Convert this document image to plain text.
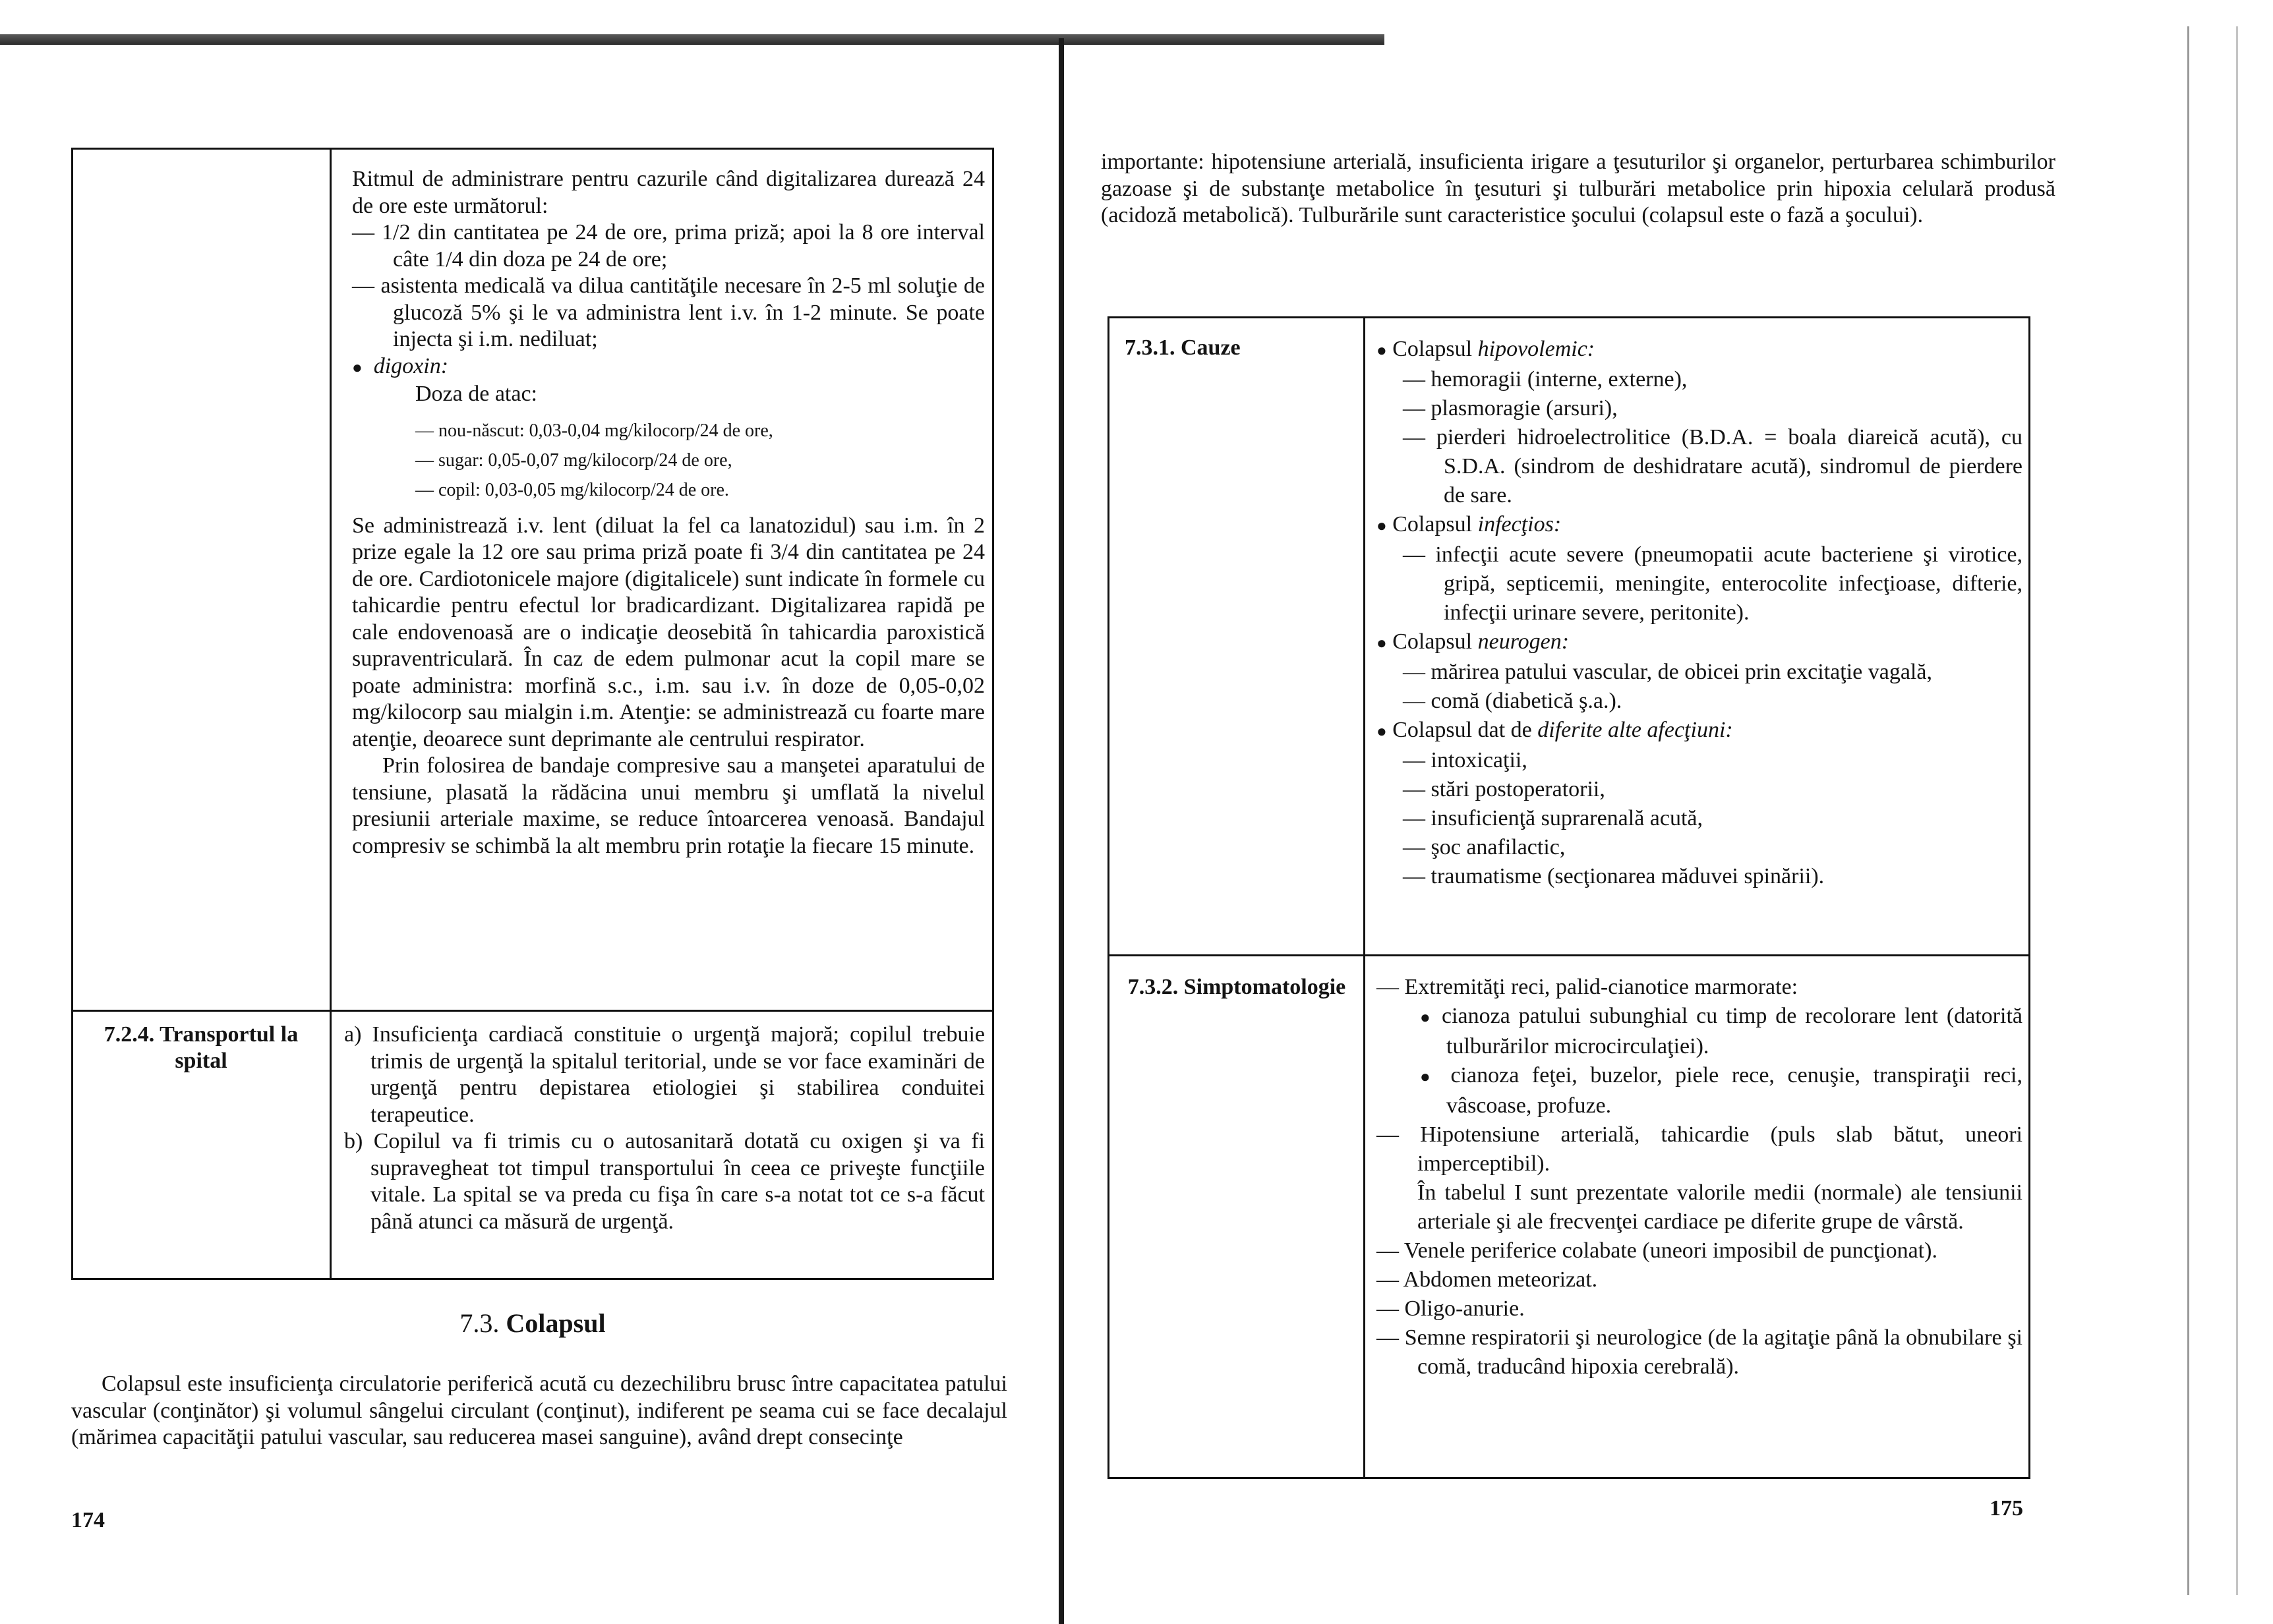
Ritmul de administrare pentru cazurile când digitalizarea durează 24 de ore este următorul:

— 1/2 din cantitatea pe 24 de ore, prima priză; apoi la 8 ore interval câte 1/4 din doza pe 24 de ore;

— asistenta medicală va dilua cantităţile necesare în 2-5 ml soluţie de glucoză 5% şi le va administra lent i.v. în 1-2 minute. Se poate injecta şi i.m. nediluat;

● digoxin:

Doza de atac:

— nou-născut: 0,03-0,04 mg/kilocorp/24 de ore,

— sugar: 0,05-0,07 mg/kilocorp/24 de ore,

— copil: 0,03-0,05 mg/kilocorp/24 de ore.

Se administrează i.v. lent (diluat la fel ca lanatozidul) sau i.m. în 2 prize egale la 12 ore sau prima priză poate fi 3/4 din cantitatea pe 24 de ore. Cardiotonicele majore (digitalicele) sunt indicate în formele cu tahicardie pentru efectul lor bradicardizant. Digitalizarea rapidă pe cale endovenoasă are o indicaţie deosebită în tahicardia paroxistică supraventriculară. În caz de edem pulmonar acut la copil mare se poate administra: morfină s.c., i.m. sau i.v. în doze de 0,05-0,02 mg/kilocorp sau mialgin i.m. Atenţie: se administrează cu foarte mare atenţie, deoarece sunt deprimante ale centrului respirator.

Prin folosirea de bandaje compresive sau a manşetei aparatului de tensiune, plasată la rădăcina unui membru şi umflată la nivelul presiunii arteriale maxime, se reduce întoarcerea venoasă. Bandajul compresiv se schimbă la alt membru prin rotaţie la fiecare 15 minute.

7.2.4. Transportul la spital

a) Insuficienţa cardiacă constituie o urgenţă majoră; copilul trebuie trimis de urgenţă la spitalul teritorial, unde se vor face examinări de urgenţă pentru depistarea etiologiei şi stabilirea conduitei terapeutice.

b) Copilul va fi trimis cu o autosanitară dotată cu oxigen şi va fi supravegheat tot timpul transportului în ceea ce priveşte funcţiile vitale. La spital se va preda cu fişa în care s-a notat tot ce s-a făcut până atunci ca măsură de urgenţă.

7.3. Colapsul
Colapsul este insuficienţa circulatorie periferică acută cu dezechilibru brusc între capacitatea patului vascular (conţinător) şi volumul sângelui circulant (conţinut), indiferent pe seama cui se face decalajul (mărimea capacităţii patului vascular, sau reducerea masei sanguine), având drept consecinţe
174
importante: hipotensiune arterială, insuficienta irigare a ţesuturilor şi organelor, perturbarea schimburilor gazoase şi de substanţe metabolice în ţesuturi şi tulburări metabolice prin hipoxia celulară produsă (acidoză metabolică). Tulburările sunt caracteristice şocului (colapsul este o fază a şocului).
7.3.1. Cauze	● Colapsul hipovolemic:

— hemoragii (interne, externe),

— plasmoragie (arsuri),

— pierderi hidroelectrolitice (B.D.A. = boala diareică acută), cu S.D.A. (sindrom de deshidratare acută), sindromul de pierdere de sare.

● Colapsul infecţios:

— infecţii acute severe (pneumopatii acute bacteriene şi virotice, gripă, septicemii, meningite, enterocolite infecţioase, difterie, infecţii urinare severe, peritonite).

● Colapsul neurogen:

— mărirea patului vascular, de obicei prin excitaţie vagală,

— comă (diabetică ş.a.).

● Colapsul dat de diferite alte afecţiuni:

— intoxicaţii,

— stări postoperatorii,

— insuficienţă suprarenală acută,

— şoc anafilactic,

— traumatisme (secţionarea măduvei spinării).

7.3.2. Simptomatologie — Extremităţi reci, palid-cianotice marmorate:

● cianoza patului subunghial cu timp de recolorare lent (datorită tulburărilor microcirculaţiei).

● cianoza feţei, buzelor, piele rece, cenuşie, transpiraţii reci, vâscoase, profuze.

— Hipotensiune arterială, tahicardie (puls slab bătut, uneori imperceptibil).

În tabelul I sunt prezentate valorile medii (normale) ale tensiunii arteriale şi ale frecvenţei cardiace pe diferite grupe de vârstă.

— Venele periferice colabate (uneori imposibil de puncţionat).

— Abdomen meteorizat.

— Oligo-anurie.

— Semne respiratorii şi neurologice (de la agitaţie până la obnubilare şi comă, traducând hipoxia cerebrală).

175
